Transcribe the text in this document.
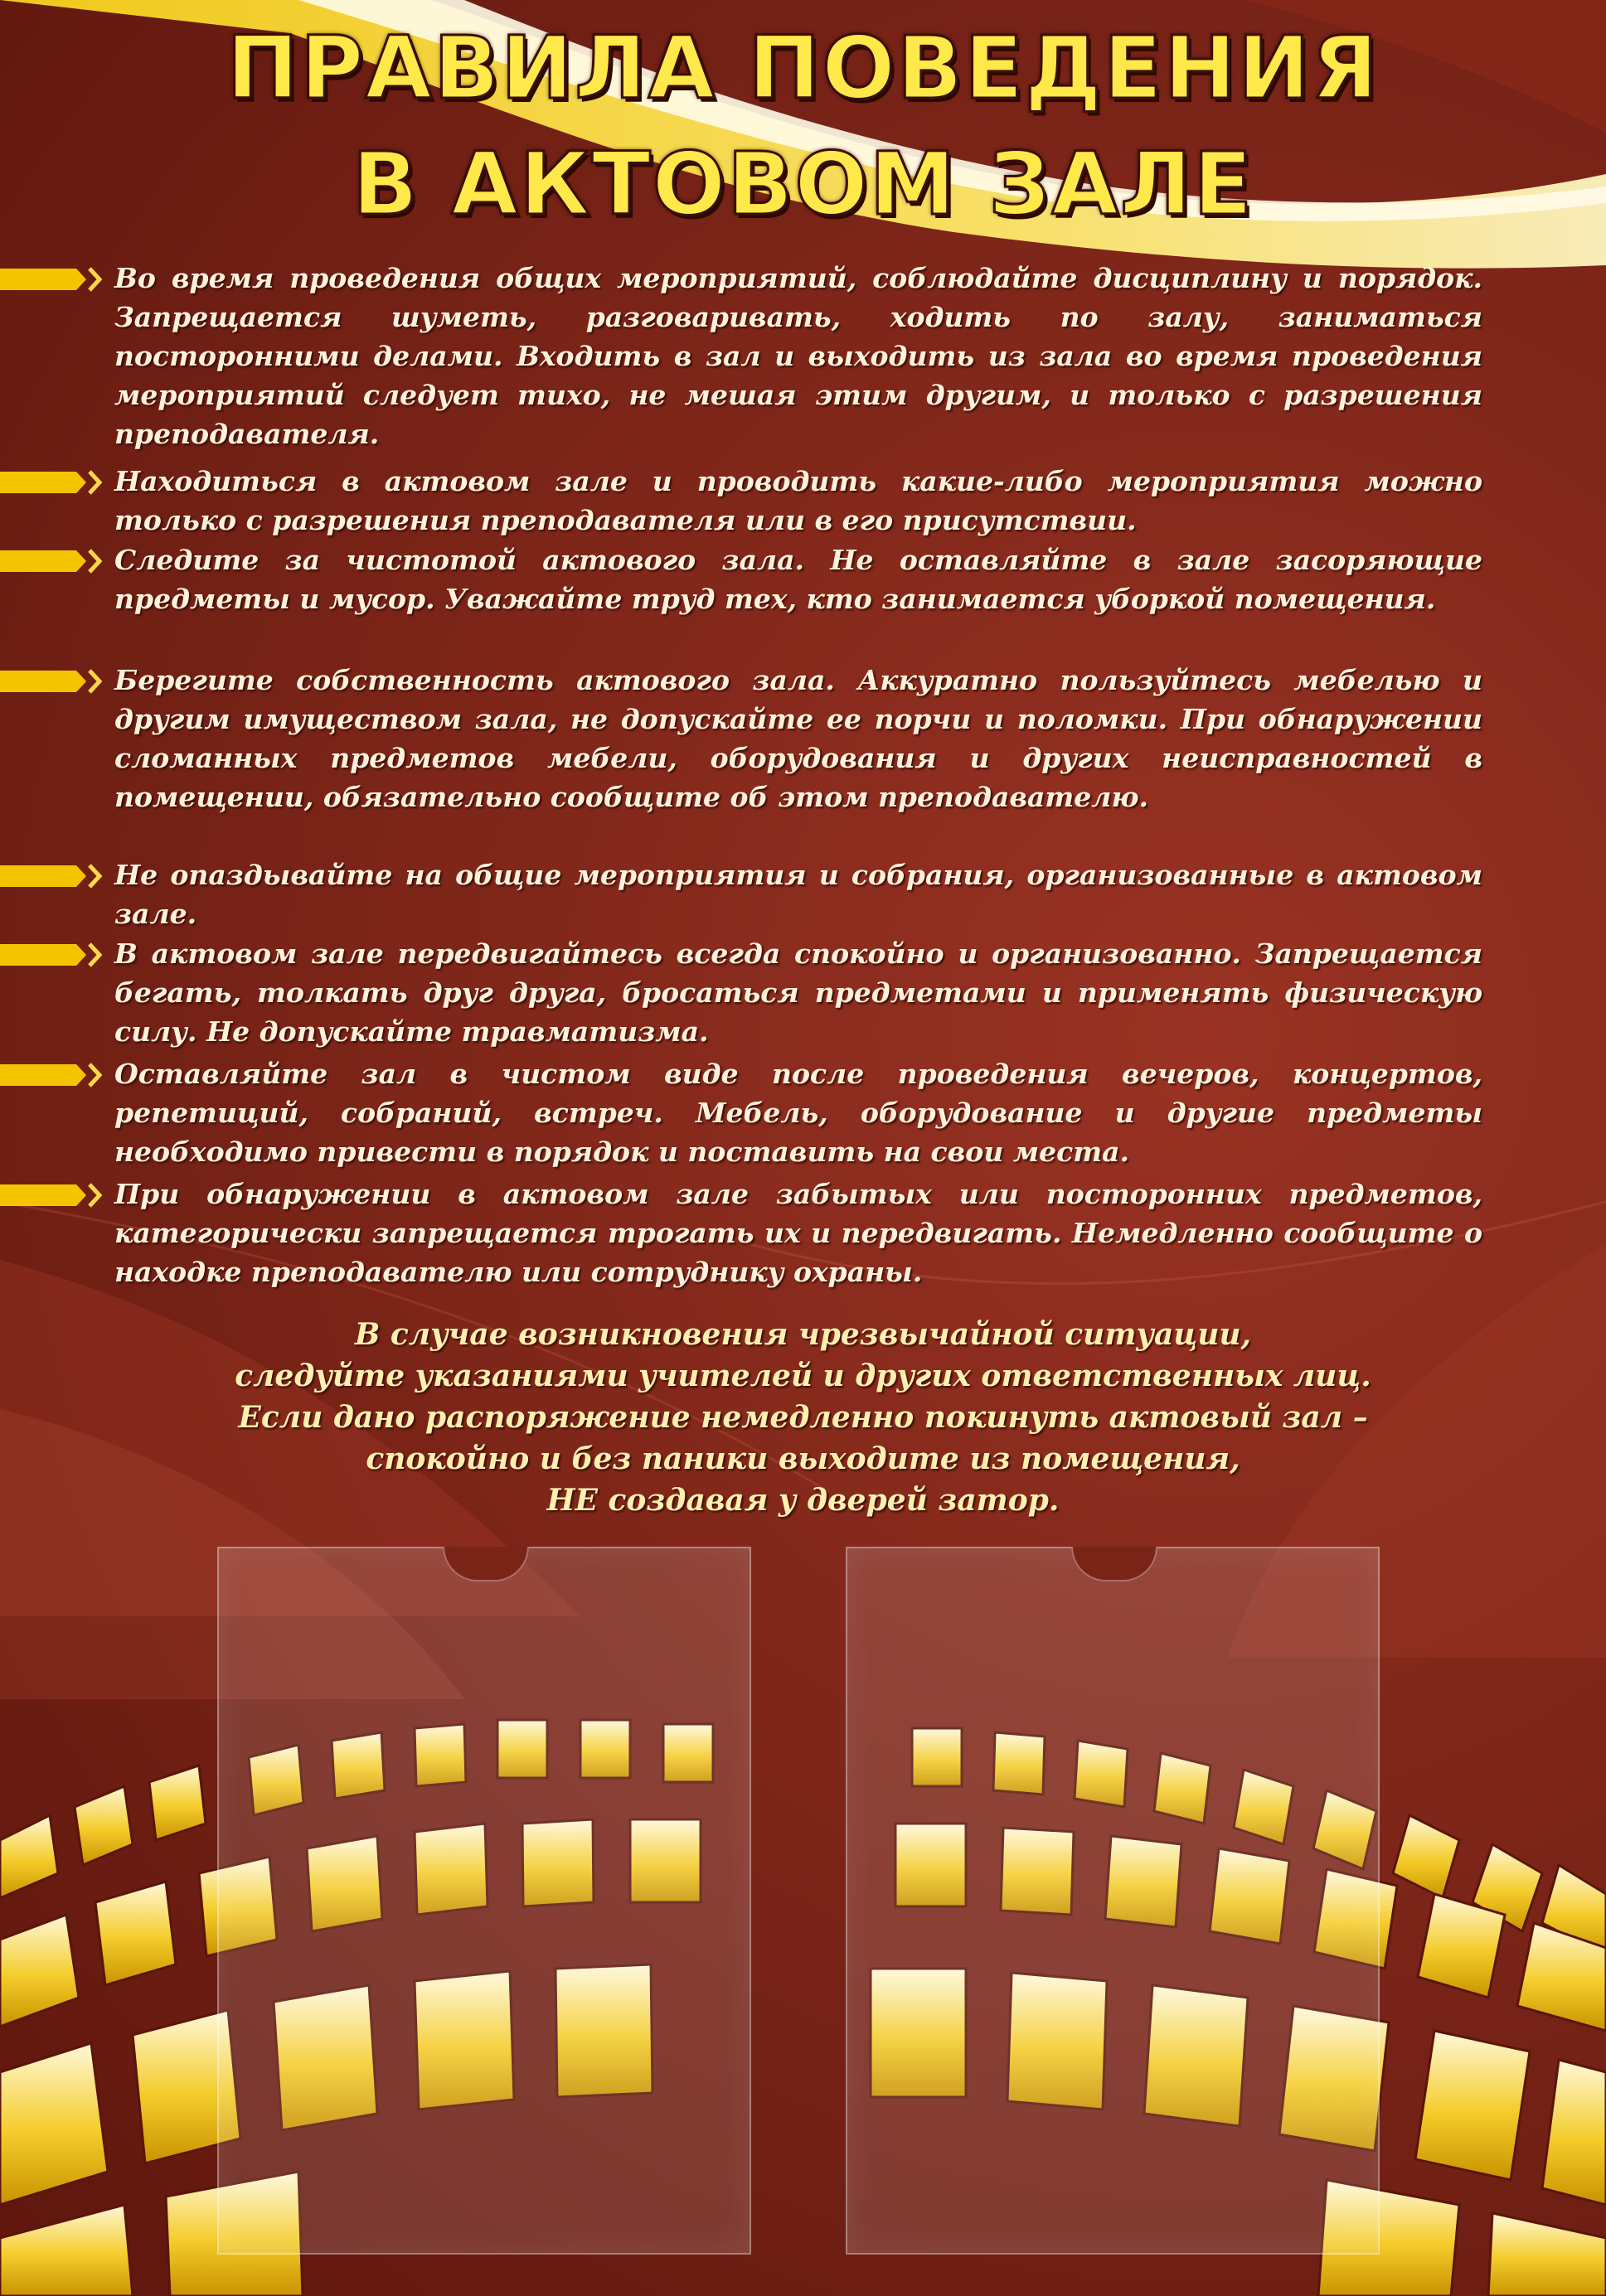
ПРАВИЛА ПОВЕДЕНИЯ
В АКТОВОМ ЗАЛЕ

Во время проведения общих мероприятий, соблюдайте дисциплину и порядок. Запрещается шуметь, разговаривать, ходить по залу, заниматься посторонними делами. Входить в зал и выходить из зала во время проведения мероприятий следует тихо, не мешая этим другим, и только с разрешения преподавателя.

Находиться в актовом зале и проводить какие-либо мероприятия можно только с разрешения преподавателя или в его присутствии.

Следите за чистотой актового зала. Не оставляйте в зале засоряющие предметы и мусор. Уважайте труд тех, кто занимается уборкой помещения.

Берегите собственность актового зала. Аккуратно пользуйтесь мебелью и другим имуществом зала, не допускайте ее порчи и поломки. При обнаружении сломанных предметов мебели, оборудования и других неисправностей в помещении, обязательно сообщите об этом преподавателю.

Не опаздывайте на общие мероприятия и собрания, организованные в актовом зале.

В актовом зале передвигайтесь всегда спокойно и организованно. Запрещается бегать, толкать друг друга, бросаться предметами и применять физическую силу. Не допускайте травматизма.

Оставляйте зал в чистом виде после проведения вечеров, концертов, репетиций, собраний, встреч. Мебель, оборудование и другие предметы необходимо привести в порядок и поставить на свои места.

При обнаружении в актовом зале забытых или посторонних предметов, категорически запрещается трогать их и передвигать. Немедленно сообщите о находке преподавателю или сотруднику охраны.

В случае возникновения чрезвычайной ситуации,
следуйте указаниями учителей и других ответственных лиц.
Если дано распоряжение немедленно покинуть актовый зал –
спокойно и без паники выходите из помещения,
НЕ создавая у дверей затор.
